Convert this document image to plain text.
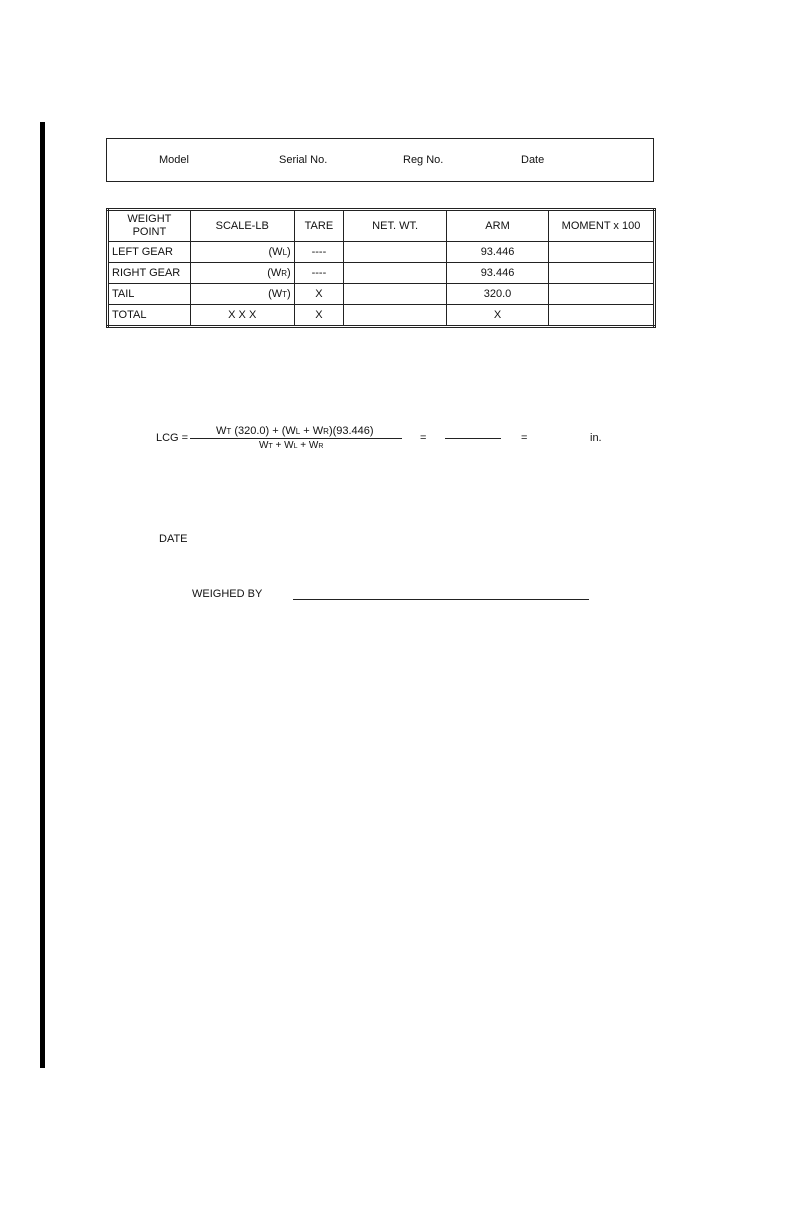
Model	Serial No.	Reg No.	Date
WEIGHT
POINT	SCALE-LB	TARE	NET. WT.	ARM	MOMENT x 100
LEFT GEAR	(WL)	----		93.446	
RIGHT GEAR	(WR)	----		93.446	
TAIL	(WT)	X		320.0	
TOTAL	X X X	X		X	
LCG =
WT (320.0) + (WL + WR)(93.446)
WT + WL + WR
=	=	in.
DATE
WEIGHED BY
